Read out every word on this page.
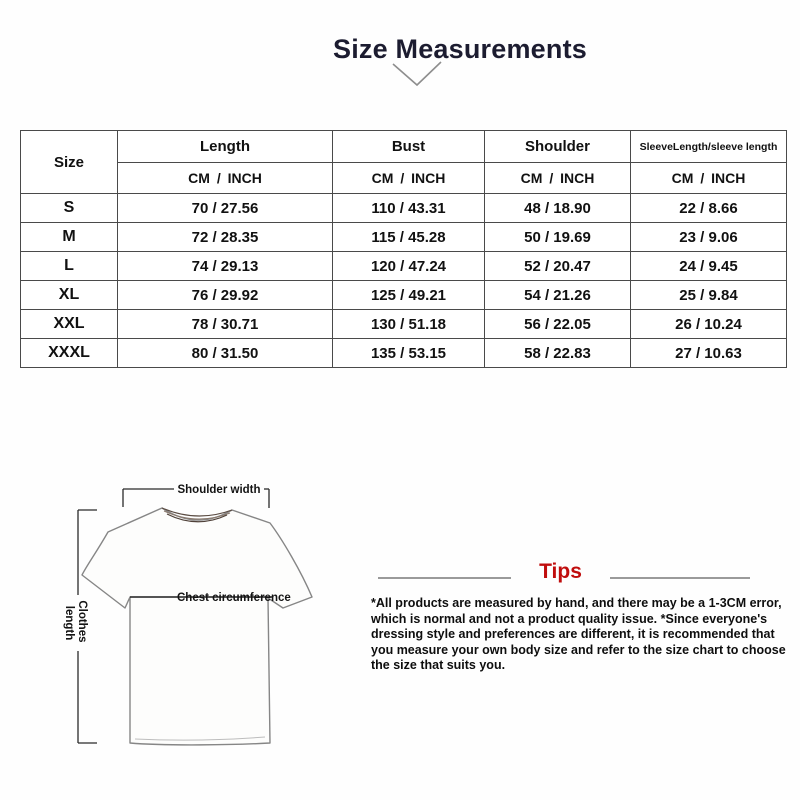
Size Measurements
Size	Length	Bust	Shoulder	SleeveLength/sleeve length
	CM / INCH	CM / INCH	CM / INCH	CM / INCH
S	70 / 27.56	110 / 43.31	48 / 18.90	22 / 8.66
M	72 / 28.35	115 / 45.28	50 / 19.69	23 / 9.06
L	74 / 29.13	120 / 47.24	52 / 20.47	24 / 9.45
XL	76 / 29.92	125 / 49.21	54 / 21.26	25 / 9.84
XXL	78 / 30.71	130 / 51.18	56 / 22.05	26 / 10.24
XXXL	80 / 31.50	135 / 53.15	58 / 22.83	27 / 10.63
Shoulder width
Chest circumference
Clothes length
Tips
*All products are measured by hand, and there may be a 1-3CM error, which is normal and not a product quality issue. *Since everyone's dressing style and preferences are different, it is recommended that you measure your own body size and refer to the size chart to choose the size that suits you.
